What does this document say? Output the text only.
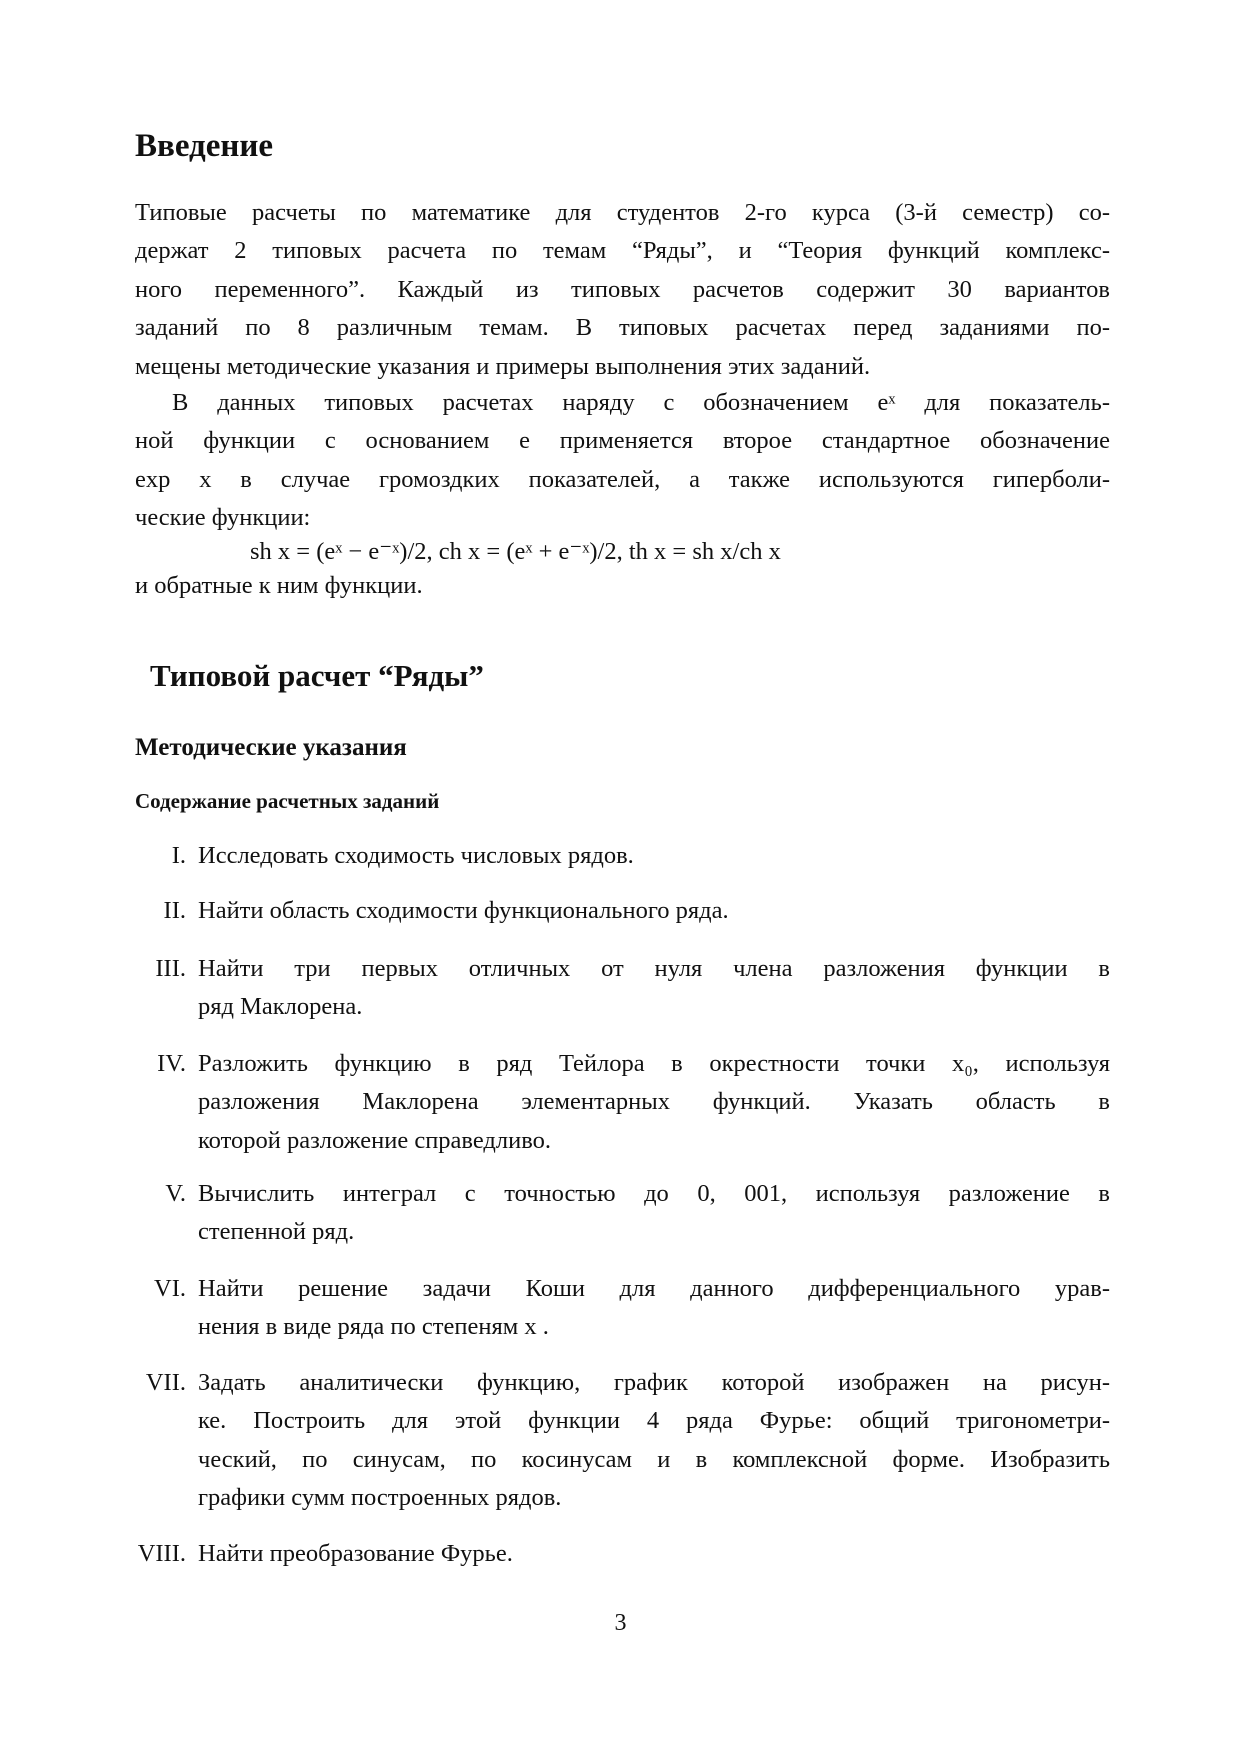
Введение
Типовые расчеты по математике для студентов 2-го курса (3-й семестр) со-
держат 2 типовых расчета по темам “Ряды”, и “Теория функций комплекс-
ного переменного”. Каждый из типовых расчетов содержит 30 вариантов
заданий по 8 различным темам. В типовых расчетах перед заданиями по-
мещены методические указания и примеры выполнения этих заданий.
В данных типовых расчетах наряду с обозначением eˣ для показатель-
ной функции с основанием e применяется второе стандартное обозначение
exp x в случае громоздких показателей, а также используются гиперболи-
ческие функции:
sh x = (eˣ − e⁻ˣ)/2, ch x = (eˣ + e⁻ˣ)/2, th x = sh x/ch x
и обратные к ним функции.
Типовой расчет “Ряды”
Методические указания
Содержание расчетных заданий
I. Исследовать сходимость числовых рядов.
II. Найти область сходимости функционального ряда.
III. Найти три первых отличных от нуля члена разложения функции в
ряд Маклорена.
IV. Разложить функцию в ряд Тейлора в окрестности точки x₀, используя
разложения Маклорена элементарных функций. Указать область в
которой разложение справедливо.
V. Вычислить интеграл с точностью до 0, 001, используя разложение в
степенной ряд.
VI. Найти решение задачи Коши для данного дифференциального урав-
нения в виде ряда по степеням x .
VII. Задать аналитически функцию, график которой изображен на рисун-
ке. Построить для этой функции 4 ряда Фурье: общий тригонометри-
ческий, по синусам, по косинусам и в комплексной форме. Изобразить
графики сумм построенных рядов.
VIII. Найти преобразование Фурье.
3
